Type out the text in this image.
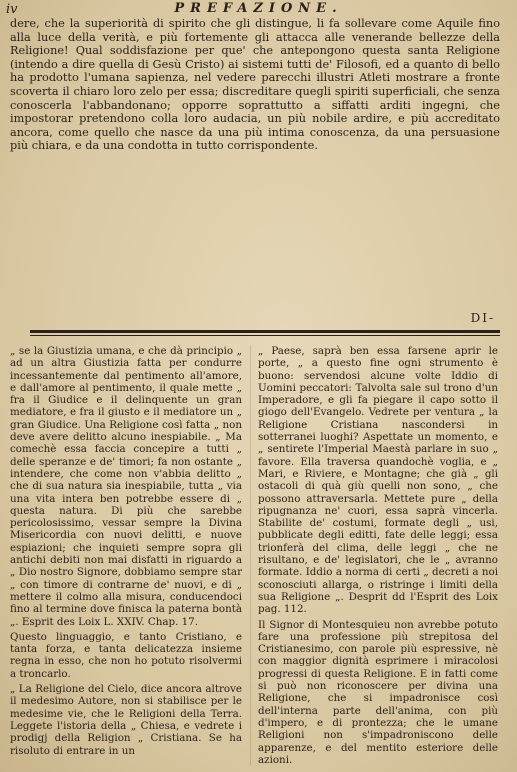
iv	PREFAZIONE.

dere, che la superiorità di spirito che gli distingue, li fa sollevare come Aquile fino alla luce della verità, e più fortemente gli attacca alle venerande bellezze della Religione! Qual soddisfazione per que' che antepongono questa santa Religione (intendo a dire quella di Gesù Cristo) ai sistemi tutti de' Filosofi, ed a quanto di bello ha prodotto l'umana sapienza, nel vedere parecchi illustri Atleti mostrare a fronte scoverta il chiaro loro zelo per essa; discreditare quegli spiriti superficiali, che senza conoscerla l'abbandonano; opporre soprattutto a siffatti arditi ingegni, che impostorar pretendono colla loro audacia, un più nobile ardire, e più accreditato ancora, come quello che nasce da una più intima conoscenza, da una persuasione più chiara, e da una condotta in tutto corrispondente.

DI-

„ se la Giustizia umana, e che dà principio „ ad un altra Giustizia fatta per condurre incessantemente dal pentimento all'amore, e dall'amore al pentimento, il quale mette „ fra il Giudice e il delinquente un gran mediatore, e fra il giusto e il mediatore un „ gran Giudice. Una Religione così fatta „ non deve avere delitto alcuno inespiabile. „ Ma comechè essa faccia concepire a tutti „ delle speranze e de' timori; fa non ostante „ intendere, che come non v'abbia delitto „ che di sua natura sia inespiabile, tutta „ via una vita intera ben potrebbe essere di „ questa natura. Di più che sarebbe pericolosissimo, vessar sempre la Divina Misericordia con nuovi delitti, e nuove espiazioni; che inquieti sempre sopra gli antichi debiti non mai disfatti in riguardo a „ Dio nostro Signore, dobbiamo sempre star „ con timore di contrarne de' nuovi, e di „ mettere il colmo alla misura, conducendoci fino al termine dove finisca la paterna bontà „. Esprit des Loix L. XXIV. Chap. 17.

Questo linguaggio, e tanto Cristiano, e tanta forza, e tanta delicatezza insieme regna in esso, che non ho potuto risolvermi a troncarlo.

„ La Religione del Cielo, dice ancora altrove il medesimo Autore, non si stabilisce per le medesime vie, che le Religioni della Terra. Leggete l'istoria della „ Chiesa, e vedrete i prodigj della Religion „ Cristiana. Se ha risoluto di entrare in un

„ Paese, saprà ben essa farsene aprir le porte, „ a questo fine ogni strumento è buono: servendosi alcune volte Iddio di Uomini peccatori: Talvolta sale sul trono d'un Imperadore, e gli fa piegare il capo sotto il giogo dell'Evangelo. Vedrete per ventura „ la Religione Cristiana nascondersi in sotterranei luoghi? Aspettate un momento, e „ sentirete l'Imperial Maestà parlare in suo „ favore. Ella traversa quandochè voglia, e „ Mari, e Riviere, e Montagne; che già „ gli ostacoli di quà giù quelli non sono, „ che possono attraversarla. Mettete pure „ della ripugnanza ne' cuori, essa saprà vincerla. Stabilite de' costumi, formate degli „ usi, pubblicate degli editti, fate delle leggi; essa trionferà del clima, delle leggi „ che ne risultano, e de' legislatori, che le „ avranno formate. Iddio a norma di certi „ decreti a noi sconosciuti allarga, o ristringe i limiti della sua Religione „. Desprit dd l'Esprit des Loix pag. 112.

Il Signor di Montesquieu non avrebbe potuto fare una professione più strepitosa del Cristianesimo, con parole più espressive, nè con maggior dignità esprimere i miracolosi progressi di questa Religione. E in fatti come si può non riconoscere per divina una Religione, che si impadronisce così dell'interna parte dell'anima, con più d'impero, e di prontezza; che le umane Religioni non s'impadroniscono delle apparenze, e del mentito esteriore delle azioni.
